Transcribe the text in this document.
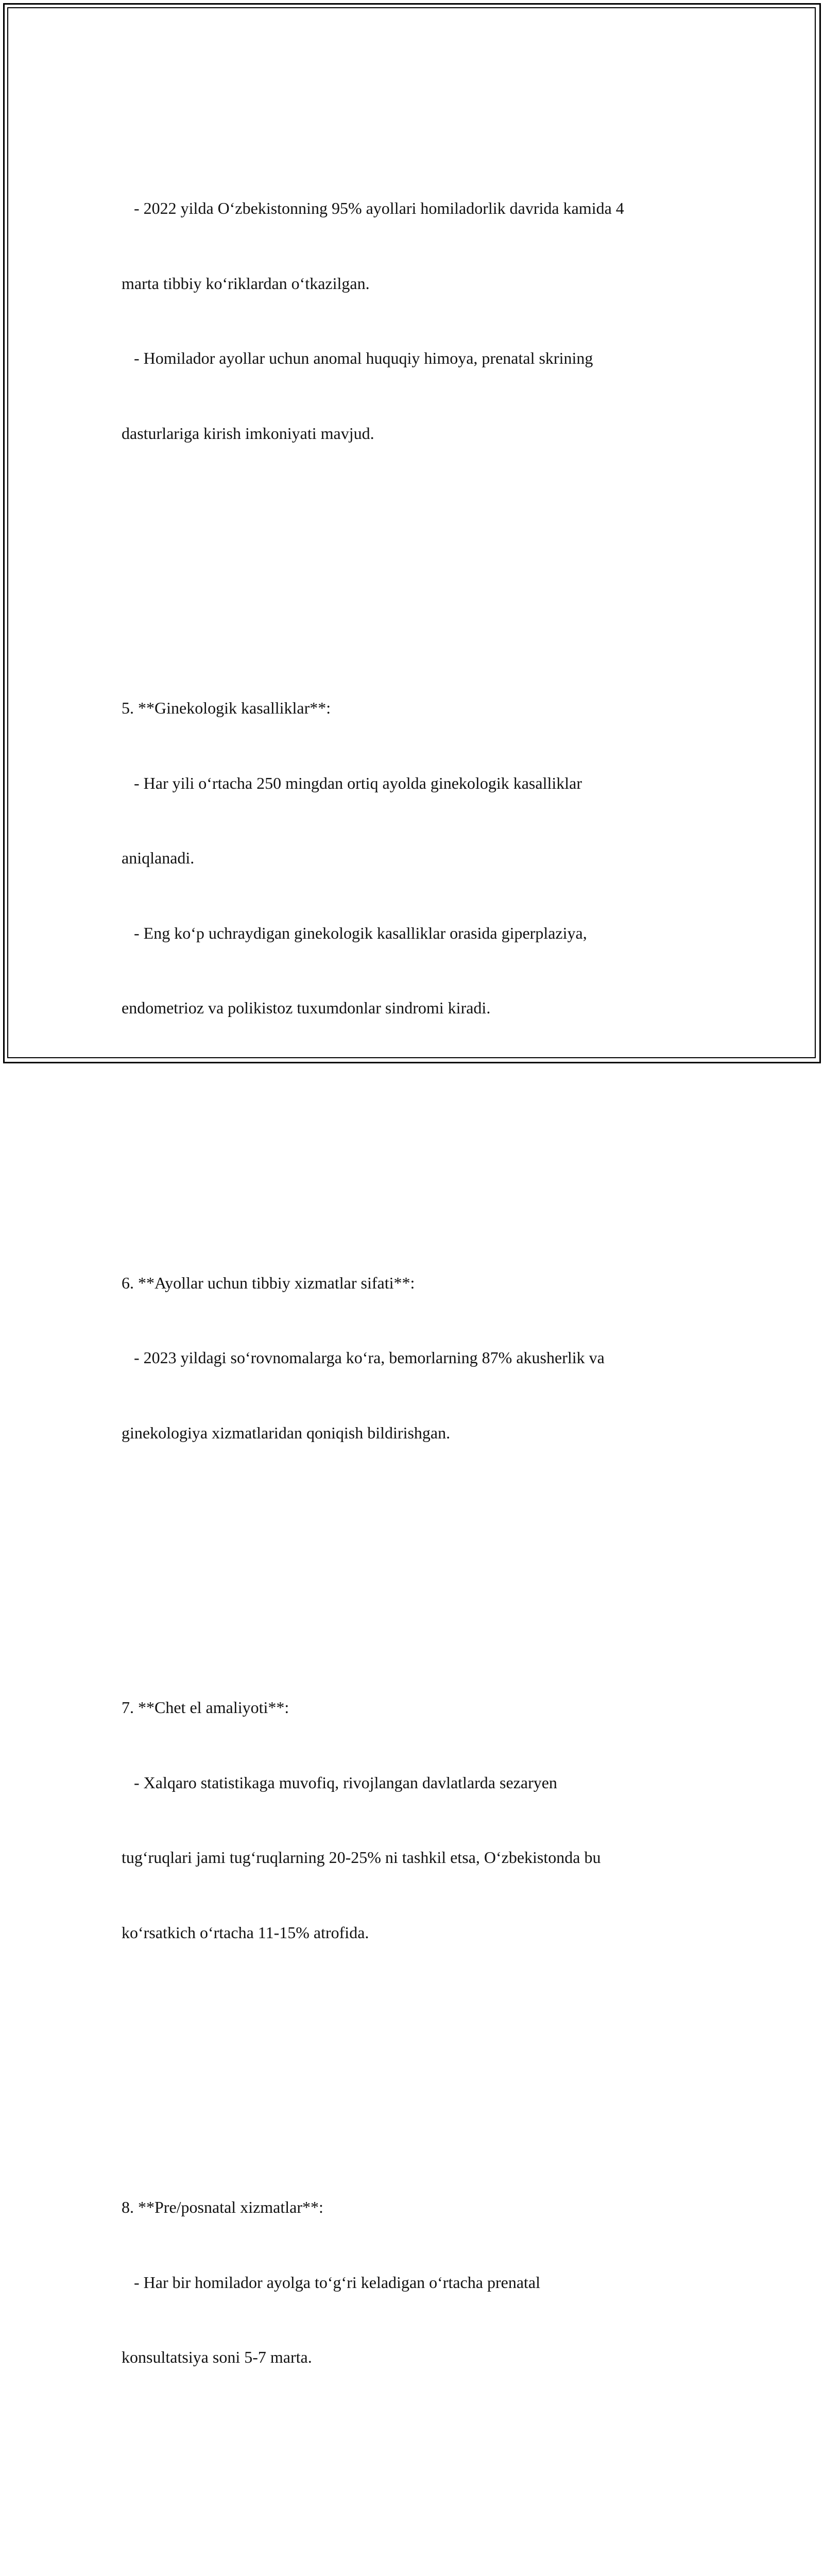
- 2022 yilda O‘zbekistonning 95% ayollari homiladorlik davrida kamida 4

marta tibbiy ko‘riklardan o‘tkazilgan.

- Homilador ayollar uchun anomal huquqiy himoya, prenatal skrining

dasturlariga kirish imkoniyati mavjud.

5. **Ginekologik kasalliklar**:

- Har yili o‘rtacha 250 mingdan ortiq ayolda ginekologik kasalliklar

aniqlanadi.

- Eng ko‘p uchraydigan ginekologik kasalliklar orasida giperplaziya,

endometrioz va polikistoz tuxumdonlar sindromi kiradi.

6. **Ayollar uchun tibbiy xizmatlar sifati**:

- 2023 yildagi so‘rovnomalarga ko‘ra, bemorlarning 87% akusherlik va

ginekologiya xizmatlaridan qoniqish bildirishgan.

7. **Chet el amaliyoti**:

- Xalqaro statistikaga muvofiq, rivojlangan davlatlarda sezaryen

tug‘ruqlari jami tug‘ruqlarning 20-25% ni tashkil etsa, O‘zbekistonda bu

ko‘rsatkich o‘rtacha 11-15% atrofida.

8. **Pre/posnatal xizmatlar**:

- Har bir homilador ayolga to‘g‘ri keladigan o‘rtacha prenatal

konsultatsiya soni 5-7 marta.
